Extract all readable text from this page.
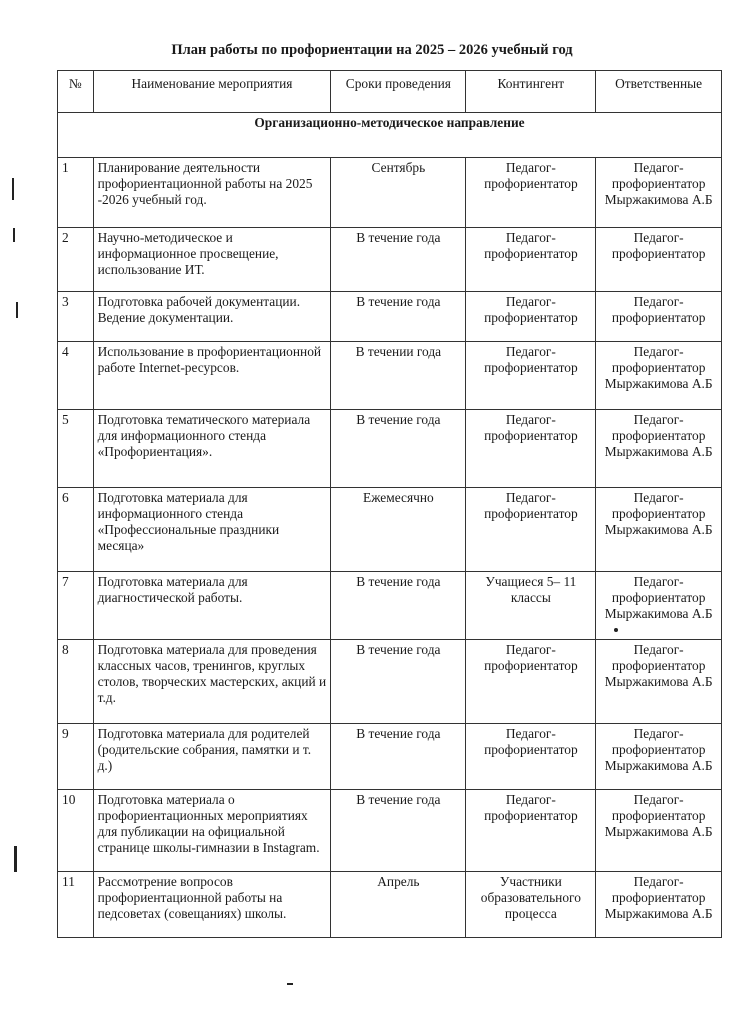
План работы по профориентации на 2025 – 2026 учебный год
№	Наименование мероприятия	Сроки проведения	Контингент	Ответственные
Организационно-методическое направление				
1	Планирование деятельности профориентационной работы на 2025 -2026 учебный год.	Сентябрь	Педагог-профориентатор	Педагог-профориентатор Мыржакимова А.Б
2	Научно-методическое и информационное просвещение, использование ИТ.	В течение года	Педагог-профориентатор	Педагог-профориентатор
3	Подготовка рабочей документации. Ведение документации.	В течение года	Педагог-профориентатор	Педагог-профориентатор
4	Использование в профориентационной работе Internet-ресурсов.	В течении года	Педагог-профориентатор	Педагог-профориентатор Мыржакимова А.Б
5	Подготовка тематического материала для информационного стенда «Профориентация».	В течение года	Педагог-профориентатор	Педагог-профориентатор Мыржакимова А.Б
6	Подготовка материала для информационного стенда «Профессиональные праздники месяца»	Ежемесячно	Педагог-профориентатор	Педагог-профориентатор Мыржакимова А.Б
7	Подготовка материала для диагностической работы.	В течение года	Учащиеся 5– 11 классы	Педагог-профориентатор Мыржакимова А.Б
8	Подготовка материала для проведения классных часов, тренингов, круглых столов, творческих мастерских, акций и т.д.	В течение года	Педагог-профориентатор	Педагог-профориентатор Мыржакимова А.Б
9	Подготовка материала для родителей (родительские собрания, памятки и т. д.)	В течение года	Педагог-профориентатор	Педагог-профориентатор Мыржакимова А.Б
10	Подготовка материала о профориентационных мероприятиях для публикации на официальной странице школы-гимназии в Instagram.	В течение года	Педагог-профориентатор	Педагог-профориентатор Мыржакимова А.Б
11	Рассмотрение вопросов профориентационной работы на педсоветах (совещаниях) школы.	Апрель	Участники образовательного процесса	Педагог-профориентатор Мыржакимова А.Б
